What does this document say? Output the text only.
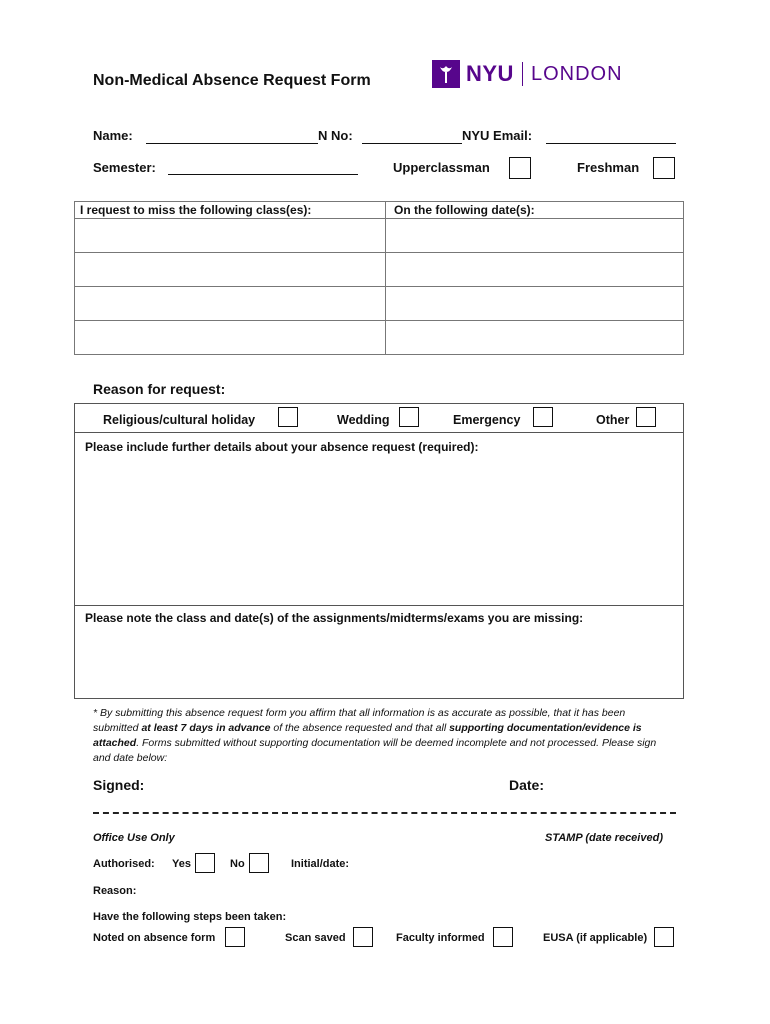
Non-Medical Absence Request Form	NYU LONDON
Name:	N No:	NYU Email:
Semester:	Upperclassman	Freshman
I request to miss the following class(es):	On the following date(s):

Reason for request:
Religious/cultural holiday	Wedding	Emergency	Other
Please include further details about your absence request (required):
Please note the class and date(s) of the assignments/midterms/exams you are missing:
* By submitting this absence request form you affirm that all information is as accurate as possible, that it has been submitted at least 7 days in advance of the absence requested and that all supporting documentation/evidence is attached. Forms submitted without supporting documentation will be deemed incomplete and not processed. Please sign and date below:
Signed:	Date:
Office Use Only	STAMP (date received)
Authorised: Yes	No	Initial/date:
Reason:
Have the following steps been taken:
Noted on absence form	Scan saved	Faculty informed	EUSA (if applicable)
